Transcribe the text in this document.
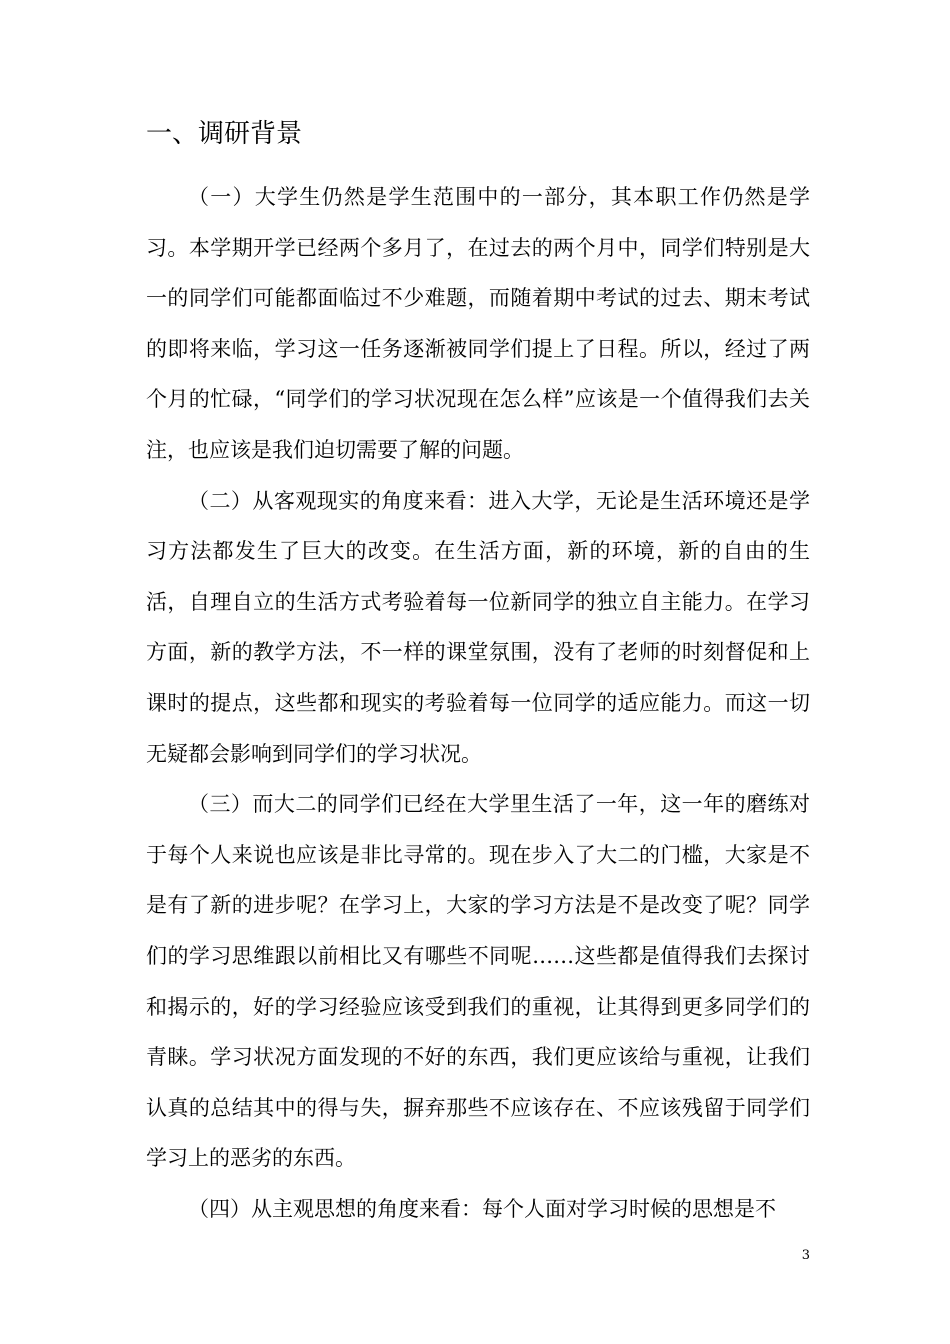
一、调研背景

（一）大学生仍然是学生范围中的一部分，其本职工作仍然是学习。本学期开学已经两个多月了，在过去的两个月中，同学们特别是大一的同学们可能都面临过不少难题，而随着期中考试的过去、期末考试的即将来临，学习这一任务逐渐被同学们提上了日程。所以，经过了两个月的忙碌，“同学们的学习状况现在怎么样”应该是一个值得我们去关注，也应该是我们迫切需要了解的问题。

（二）从客观现实的角度来看：进入大学，无论是生活环境还是学习方法都发生了巨大的改变。在生活方面，新的环境，新的自由的生活，自理自立的生活方式考验着每一位新同学的独立自主能力。在学习方面，新的教学方法，不一样的课堂氛围，没有了老师的时刻督促和上课时的提点，这些都和现实的考验着每一位同学的适应能力。而这一切无疑都会影响到同学们的学习状况。

（三）而大二的同学们已经在大学里生活了一年，这一年的磨练对于每个人来说也应该是非比寻常的。现在步入了大二的门槛，大家是不是有了新的进步呢？在学习上，大家的学习方法是不是改变了呢？同学们的学习思维跟以前相比又有哪些不同呢……这些都是值得我们去探讨和揭示的，好的学习经验应该受到我们的重视，让其得到更多同学们的青睐。学习状况方面发现的不好的东西，我们更应该给与重视，让我们认真的总结其中的得与失，摒弃那些不应该存在、不应该残留于同学们学习上的恶劣的东西。

（四）从主观思想的角度来看：每个人面对学习时候的思想是不

3
